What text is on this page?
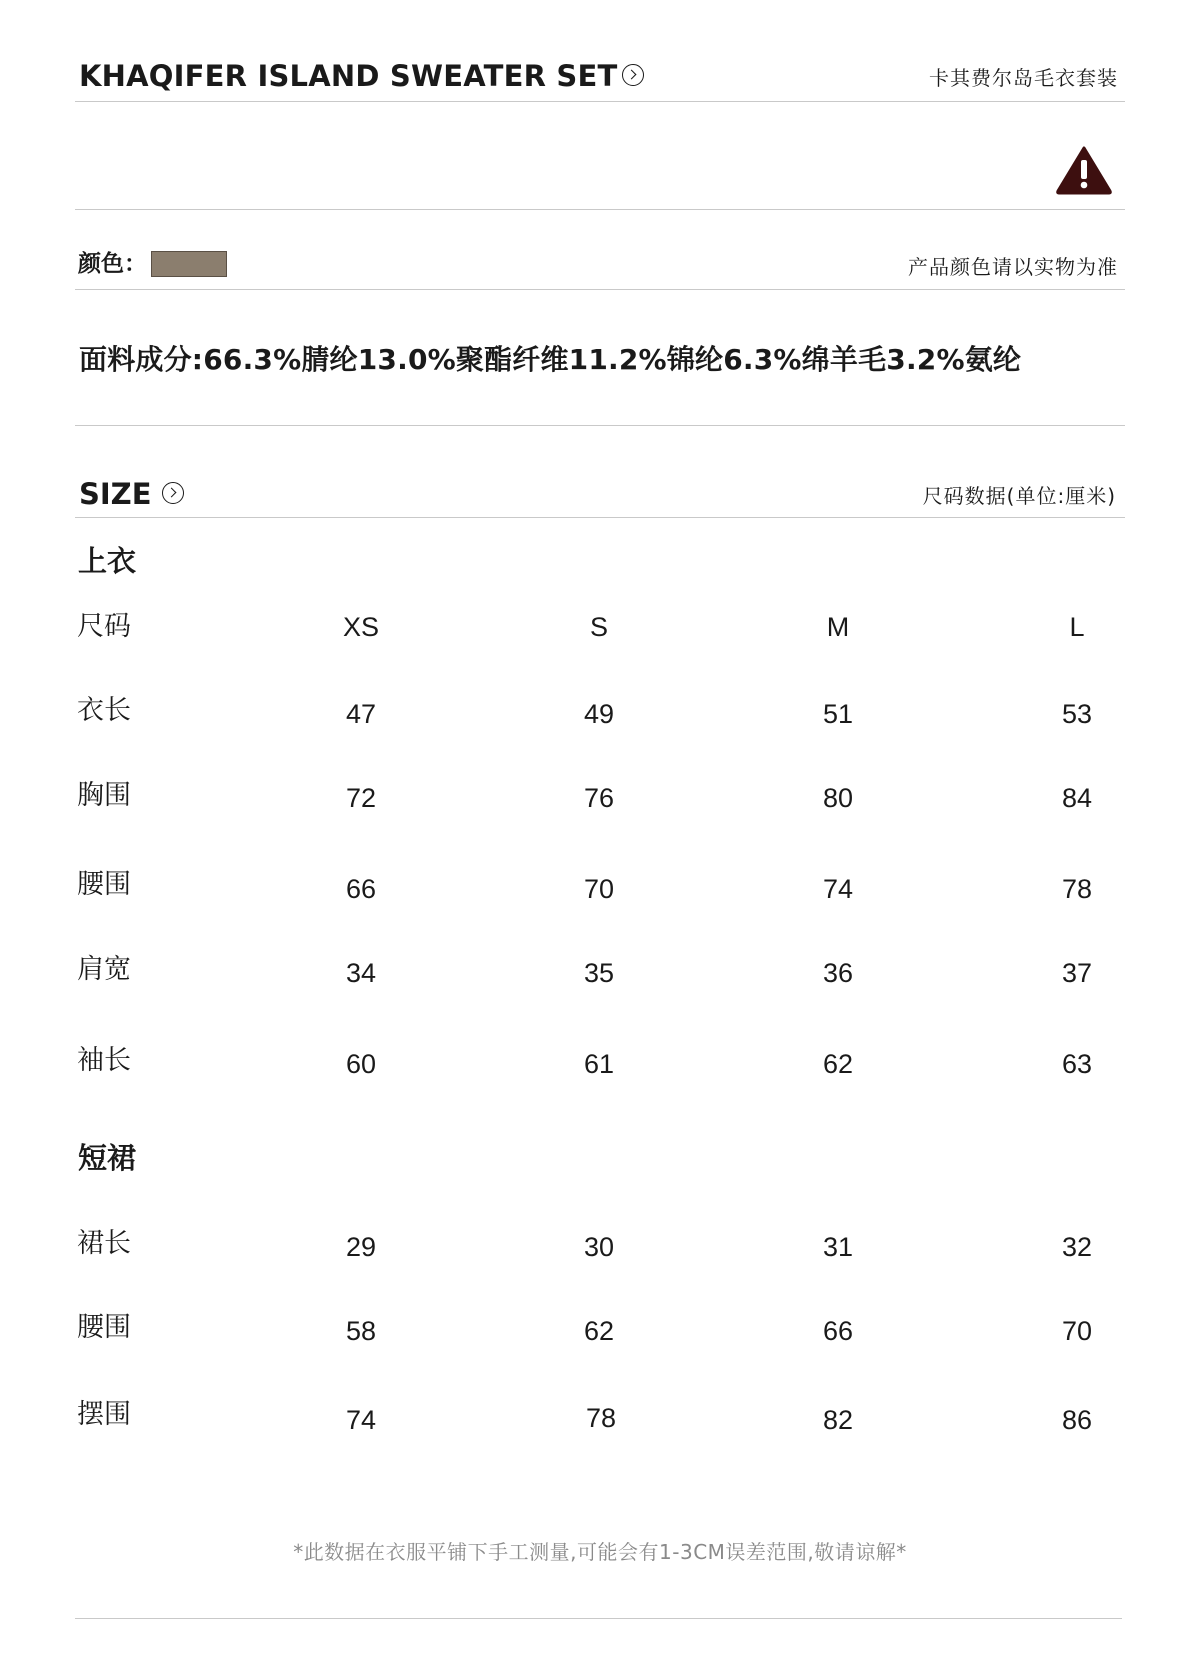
KHAQIFER ISLAND SWEATER SET	卡其费尔岛毛衣套装
颜色：	产品颜色请以实物为准
面料成分:66.3%腈纶13.0%聚酯纤维11.2%锦纶6.3%绵羊毛3.2%氨纶
SIZE	尺码数据(单位:厘米)
上衣
尺码	XS	S	M	L
衣长	47	49	51	53
胸围	72	76	80	84
腰围	66	70	74	78
肩宽	34	35	36	37
袖长	60	61	62	63
短裙
裙长	29	30	31	32
腰围	58	62	66	70
摆围	74	78	82	86
*此数据在衣服平铺下手工测量,可能会有1-3CM误差范围,敬请谅解*
